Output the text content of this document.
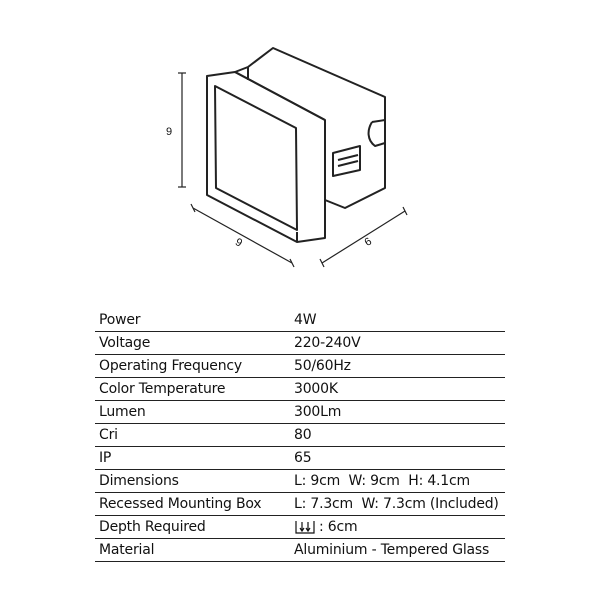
9
9	6
Power	4W
Voltage	220-240V
Operating Frequency	50/60Hz
Color Temperature	3000K
Lumen	300Lm
Cri	80
IP	65
Dimensions	L: 9cm  W: 9cm  H: 4.1cm
Recessed Mounting Box	L: 7.3cm  W: 7.3cm (Included)
Depth Required	: 6cm
Material	Aluminium - Tempered Glass
